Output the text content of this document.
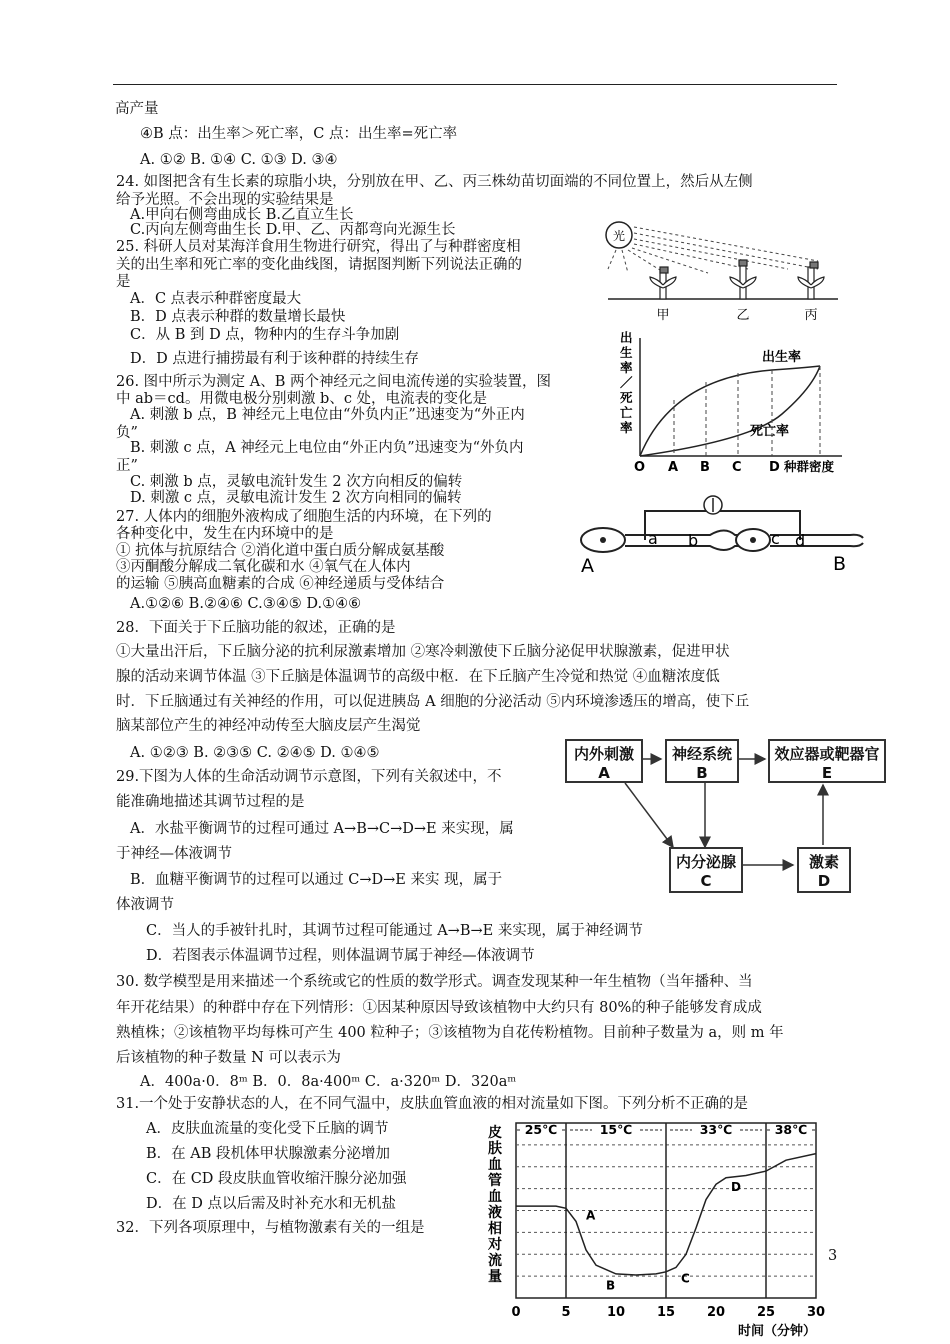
高产量
④B 点：出生率＞死亡率，C 点：出生率=死亡率
A. ①② B. ①④ C. ①③ D. ③④
24. 如图把含有生长素的琼脂小块，分别放在甲、乙、丙三株幼苗切面端的不同位置上，然后从左侧
给予光照。不会出现的实验结果是
A.甲向右侧弯曲成长 B.乙直立生长
C.丙向左侧弯曲生长 D.甲、乙、丙都弯向光源生长
25. 科研人员对某海洋食用生物进行研究，得出了与种群密度相
关的出生率和死亡率的变化曲线图，请据图判断下列说法正确的
是
A．C 点表示种群密度最大
B．D 点表示种群的数量增长最快
C．从 B 到 D 点，物种内的生存斗争加剧
D．D 点进行捕捞最有利于该种群的持续生存
26. 图中所示为测定 A、B 两个神经元之间电流传递的实验装置，图
中 ab＝cd。用微电极分别刺激 b、c 处，电流表的变化是
A. 刺激 b 点，B 神经元上电位由“外负内正”迅速变为“外正内
负”
B. 刺激 c 点，A 神经元上电位由“外正内负”迅速变为“外负内
正”
C. 刺激 b 点，灵敏电流针发生 2 次方向相反的偏转
D. 刺激 c 点，灵敏电流计发生 2 次方向相同的偏转
27. 人体内的细胞外液构成了细胞生活的内环境，在下列的
各种变化中，发生在内环境中的是
① 抗体与抗原结合 ②消化道中蛋白质分解成氨基酸
③丙酮酸分解成二氧化碳和水 ④氧气在人体内
的运输 ⑤胰高血糖素的合成 ⑥神经递质与受体结合
A.①②⑥ B.②④⑥ C.③④⑤ D.①④⑥
28．下面关于下丘脑功能的叙述，正确的是
①大量出汗后，下丘脑分泌的抗利尿激素增加 ②寒冷刺激使下丘脑分泌促甲状腺激素，促进甲状
腺的活动来调节体温 ③下丘脑是体温调节的高级中枢．在下丘脑产生冷觉和热觉 ④血糖浓度低
时．下丘脑通过有关神经的作用，可以促进胰岛 A 细胞的分泌活动 ⑤内环境渗透压的增高，使下丘
脑某部位产生的神经冲动传至大脑皮层产生渴觉
A. ①②③ B. ②③⑤ C. ②④⑤ D. ①④⑤
29.下图为人体的生命活动调节示意图，下列有关叙述中，不
能准确地描述其调节过程的是
A．水盐平衡调节的过程可通过 A→B→C→D→E 来实现，属
于神经—体液调节
B．血糖平衡调节的过程可以通过 C→D→E 来实 现，属于
体液调节
C．当人的手被针扎时，其调节过程可能通过 A→B→E 来实现，属于神经调节
D．若图表示体温调节过程，则体温调节属于神经—体液调节
30. 数学模型是用来描述一个系统或它的性质的数学形式。调查发现某种一年生植物（当年播种、当
年开花结果）的种群中存在下列情形：①因某种原因导致该植物中大约只有 80%的种子能够发育成成
熟植株；②该植物平均每株可产生 400 粒种子；③该植物为自花传粉植物。目前种子数量为 a，则 m 年
后该植物的种子数量 N 可以表示为
A．400a·0．8ᵐ B．0．8a·400ᵐ C．a·320ᵐ D．320aᵐ
31.一个处于安静状态的人，在不同气温中，皮肤血管血液的相对流量如下图。下列分析不正确的是
A．皮肤血流量的变化受下丘脑的调节
B．在 AB 段机体甲状腺激素分泌增加
C．在 CD 段皮肤血管收缩汗腺分泌加强
D．在 D 点以后需及时补充水和无机盐
32．下列各项原理中，与植物激素有关的一组是
光
甲	乙	丙
出
生
率
／
死
亡
率
出生率
死亡率
O A B C D 种群密度
a b	c d
A	B
内外刺激
A
神经系统
B
效应器或靶器官
E
内分泌腺
C
激素
D
皮
肤
血
管
血
液
相
对
流
量
25℃	15℃	33℃	38℃
0	5	10 15 20 25 30
A
B	C
D
时间（分钟）
3
